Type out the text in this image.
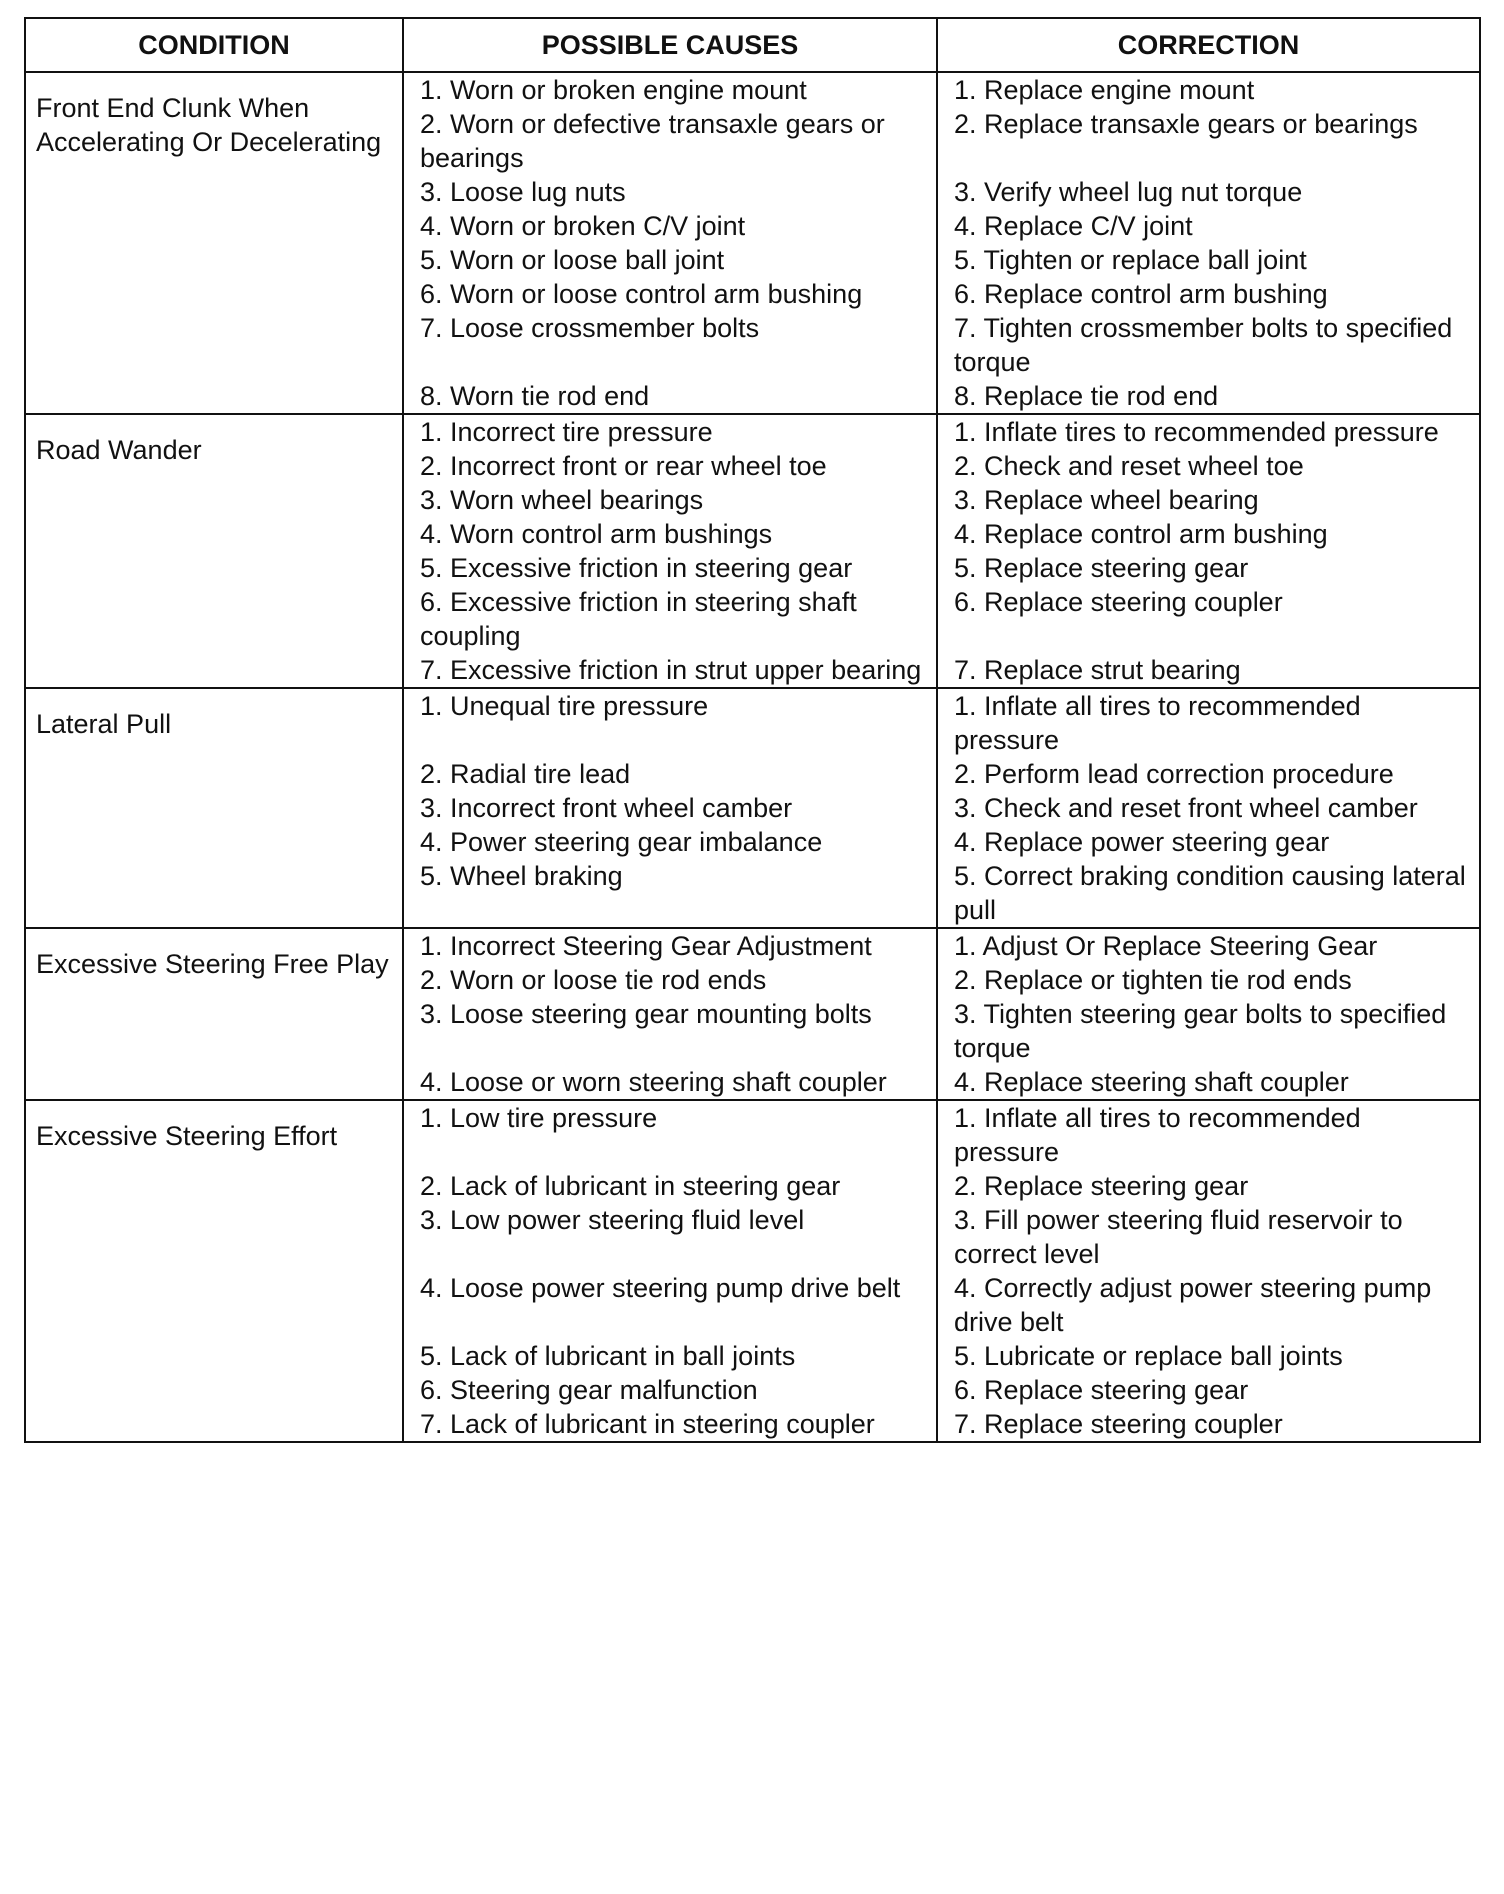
CONDITION	POSSIBLE CAUSES	CORRECTION
Front End Clunk When Accelerating Or Decelerating	1. Worn or broken engine mount	1. Replace engine mount
	2. Worn or defective transaxle gears or bearings	2. Replace transaxle gears or bearings
	3. Loose lug nuts	3. Verify wheel lug nut torque
	4. Worn or broken C/V joint	4. Replace C/V joint
	5. Worn or loose ball joint	5. Tighten or replace ball joint
	6. Worn or loose control arm bushing	6. Replace control arm bushing
	7. Loose crossmember bolts	7. Tighten crossmember bolts to specified torque
	8. Worn tie rod end	8. Replace tie rod end
Road Wander	1. Incorrect tire pressure	1. Inflate tires to recommended pressure
	2. Incorrect front or rear wheel toe	2. Check and reset wheel toe
	3. Worn wheel bearings	3. Replace wheel bearing
	4. Worn control arm bushings	4. Replace control arm bushing
	5. Excessive friction in steering gear	5. Replace steering gear
	6. Excessive friction in steering shaft coupling	6. Replace steering coupler
	7. Excessive friction in strut upper bearing	7. Replace strut bearing
Lateral Pull	1. Unequal tire pressure	1. Inflate all tires to recommended pressure
	2. Radial tire lead	2. Perform lead correction procedure
	3. Incorrect front wheel camber	3. Check and reset front wheel camber
	4. Power steering gear imbalance	4. Replace power steering gear
	5. Wheel braking	5. Correct braking condition causing lateral pull
Excessive Steering Free Play	1. Incorrect Steering Gear Adjustment	1. Adjust Or Replace Steering Gear
	2. Worn or loose tie rod ends	2. Replace or tighten tie rod ends
	3. Loose steering gear mounting bolts	3. Tighten steering gear bolts to specified torque
	4. Loose or worn steering shaft coupler	4. Replace steering shaft coupler
Excessive Steering Effort	1. Low tire pressure	1. Inflate all tires to recommended pressure
	2. Lack of lubricant in steering gear	2. Replace steering gear
	3. Low power steering fluid level	3. Fill power steering fluid reservoir to correct level
	4. Loose power steering pump drive belt	4. Correctly adjust power steering pump drive belt
	5. Lack of lubricant in ball joints	5. Lubricate or replace ball joints
	6. Steering gear malfunction	6. Replace steering gear
	7. Lack of lubricant in steering coupler	7. Replace steering coupler
